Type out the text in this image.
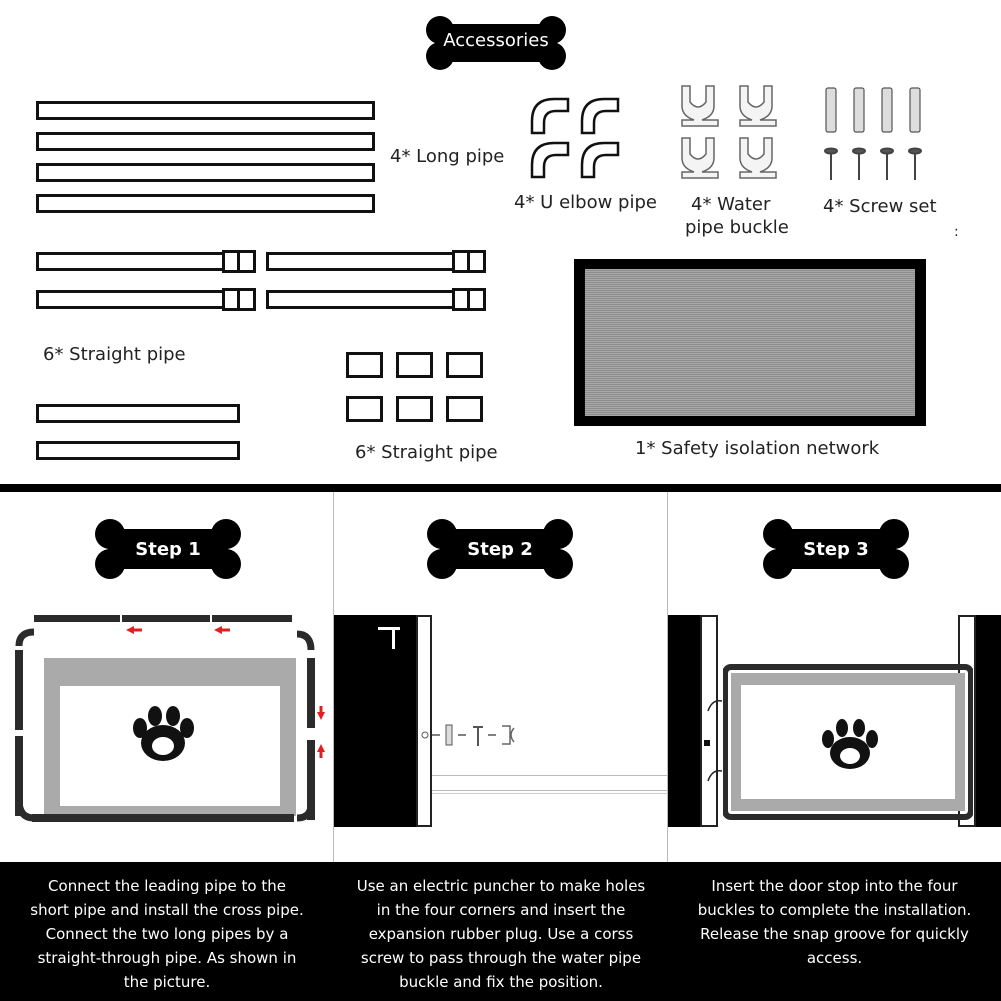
Accessories
4* Long pipe
4* U elbow pipe 4* Water
pipe buckle
4* Screw set
:
6* Straight pipe
6* Straight pipe	1* Safety isolation network
Step 1	Step 2	Step 3
Connect the leading pipe to the
short pipe and install the cross pipe.
Connect the two long pipes by a
straight-through pipe. As shown in
the picture.
Use an electric puncher to make holes
in the four corners and insert the
expansion rubber plug. Use a corss
screw to pass through the water pipe
buckle and fix the position.
Insert the door stop into the four
buckles to complete the installation.
Release the snap groove for quickly
access.
